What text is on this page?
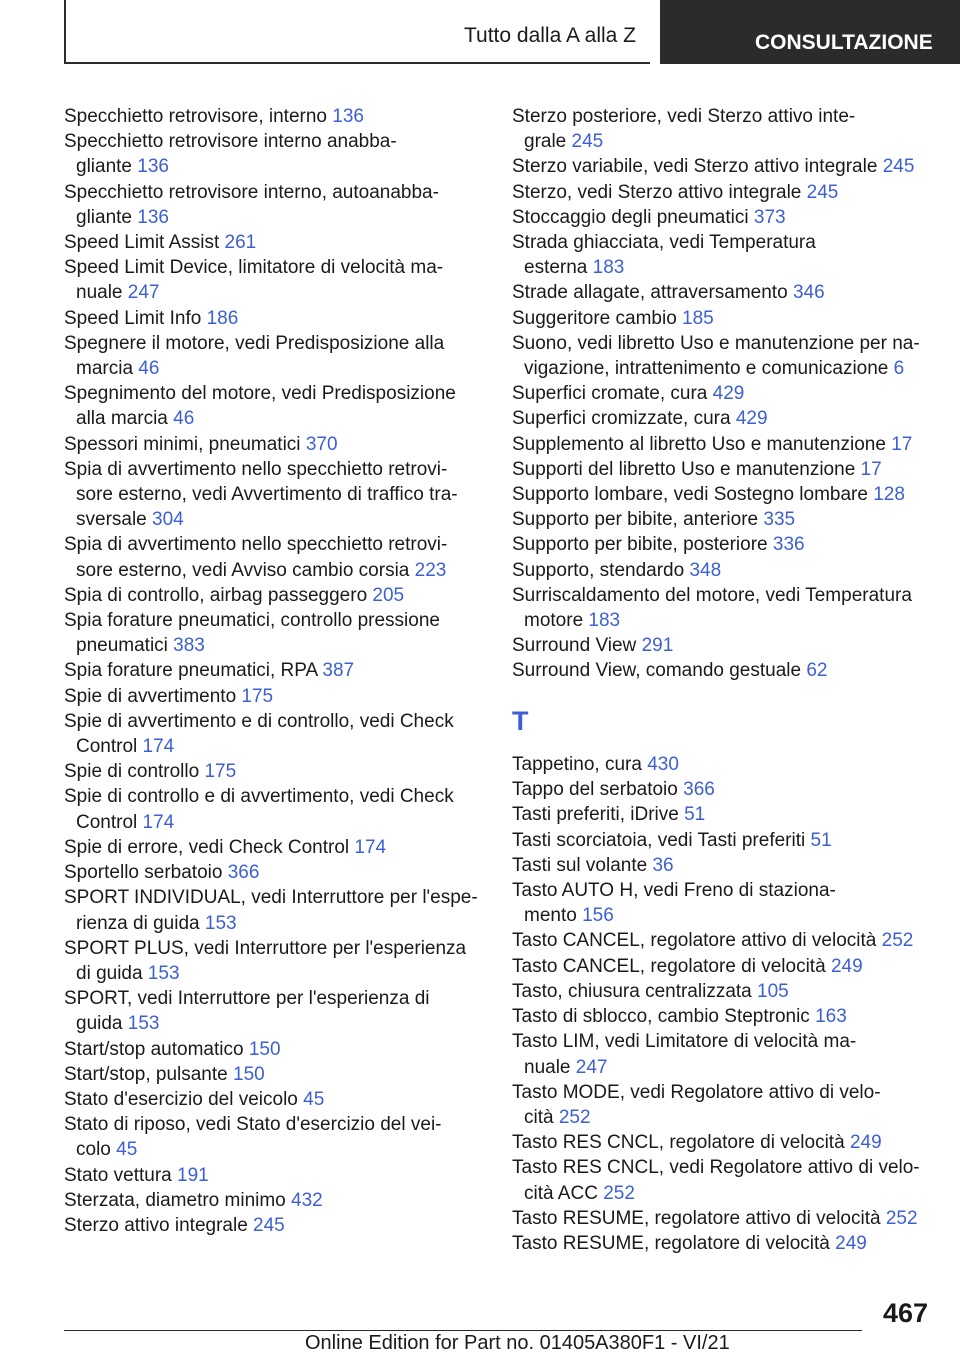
Tutto dalla A alla Z	CONSULTAZIONE

Specchietto retrovisore, interno 136

Specchietto retrovisore interno anabba-
gliante 136

Specchietto retrovisore interno, autoanabba-
gliante 136

Speed Limit Assist 261

Speed Limit Device, limitatore di velocità ma-
nuale 247

Speed Limit Info 186

Spegnere il motore, vedi Predisposizione alla
marcia 46

Spegnimento del motore, vedi Predisposizione
alla marcia 46

Spessori minimi, pneumatici 370

Spia di avvertimento nello specchietto retrovi-
sore esterno, vedi Avvertimento di traffico tra-
sversale 304

Spia di avvertimento nello specchietto retrovi-
sore esterno, vedi Avviso cambio corsia 223

Spia di controllo, airbag passeggero 205

Spia forature pneumatici, controllo pressione
pneumatici 383

Spia forature pneumatici, RPA 387

Spie di avvertimento 175

Spie di avvertimento e di controllo, vedi Check
Control 174

Spie di controllo 175

Spie di controllo e di avvertimento, vedi Check
Control 174

Spie di errore, vedi Check Control 174

Sportello serbatoio 366

SPORT INDIVIDUAL, vedi Interruttore per l'espe-
rienza di guida 153

SPORT PLUS, vedi Interruttore per l'esperienza
di guida 153

SPORT, vedi Interruttore per l'esperienza di
guida 153

Start/stop automatico 150

Start/stop, pulsante 150

Stato d'esercizio del veicolo 45

Stato di riposo, vedi Stato d'esercizio del vei-
colo 45

Stato vettura 191

Sterzata, diametro minimo 432

Sterzo attivo integrale 245

Sterzo posteriore, vedi Sterzo attivo inte-
grale 245

Sterzo variabile, vedi Sterzo attivo integrale 245

Sterzo, vedi Sterzo attivo integrale 245

Stoccaggio degli pneumatici 373

Strada ghiacciata, vedi Temperatura
esterna 183

Strade allagate, attraversamento 346

Suggeritore cambio 185

Suono, vedi libretto Uso e manutenzione per na-
vigazione, intrattenimento e comunicazione 6

Superfici cromate, cura 429

Superfici cromizzate, cura 429

Supplemento al libretto Uso e manutenzione 17

Supporti del libretto Uso e manutenzione 17

Supporto lombare, vedi Sostegno lombare 128

Supporto per bibite, anteriore 335

Supporto per bibite, posteriore 336

Supporto, stendardo 348

Surriscaldamento del motore, vedi Temperatura
motore 183

Surround View 291

Surround View, comando gestuale 62

T

Tappetino, cura 430

Tappo del serbatoio 366

Tasti preferiti, iDrive 51

Tasti scorciatoia, vedi Tasti preferiti 51

Tasti sul volante 36

Tasto AUTO H, vedi Freno di staziona-
mento 156

Tasto CANCEL, regolatore attivo di velocità 252

Tasto CANCEL, regolatore di velocità 249

Tasto, chiusura centralizzata 105

Tasto di sblocco, cambio Steptronic 163

Tasto LIM, vedi Limitatore di velocità ma-
nuale 247

Tasto MODE, vedi Regolatore attivo di velo-
cità 252

Tasto RES CNCL, regolatore di velocità 249

Tasto RES CNCL, vedi Regolatore attivo di velo-
cità ACC 252

Tasto RESUME, regolatore attivo di velocità 252

Tasto RESUME, regolatore di velocità 249

467
Online Edition for Part no. 01405A380F1 - VI/21
